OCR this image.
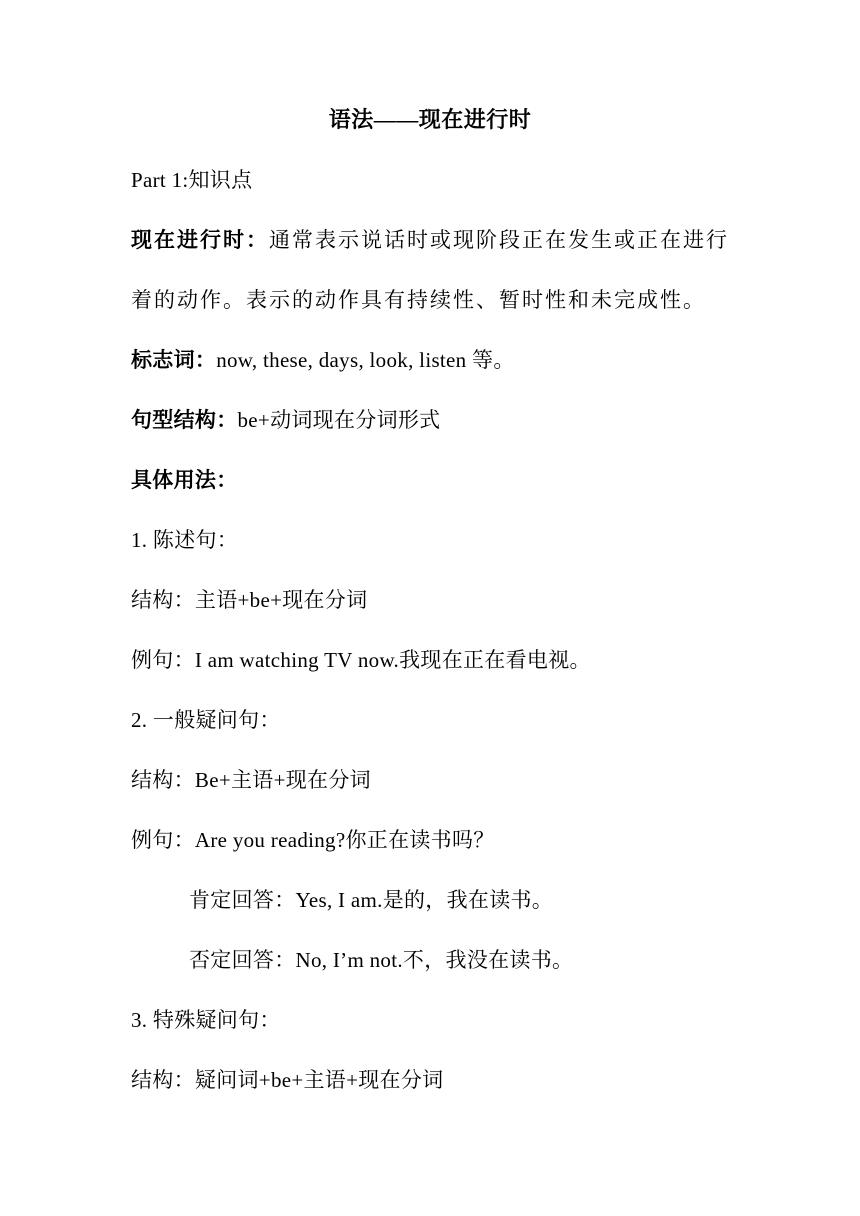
语法——现在进行时
Part 1:知识点
现在进行时：通常表示说话时或现阶段正在发生或正在进行
着的动作。表示的动作具有持续性、暂时性和未完成性。
标志词：now, these, days, look, listen 等。
句型结构：be+动词现在分词形式
具体用法：
1. 陈述句：
结构：主语+be+现在分词
例句：I am watching TV now.我现在正在看电视。
2. 一般疑问句：
结构：Be+主语+现在分词
例句：Are you reading?你正在读书吗？
肯定回答：Yes, I am.是的，我在读书。
否定回答：No, I’m not.不，我没在读书。
3. 特殊疑问句：
结构：疑问词+be+主语+现在分词
